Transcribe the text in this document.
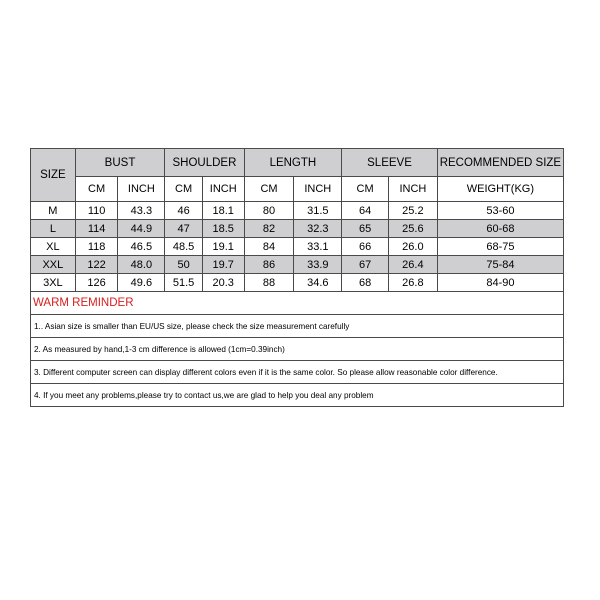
SIZE	BUST		SHOULDER		LENGTH		SLEEVE		RECOMMENDED SIZE
	CM	INCH	CM	INCH	CM	INCH	CM	INCH	WEIGHT(KG)
M	110	43.3	46	18.1	80	31.5	64	25.2	53-60
L	114	44.9	47	18.5	82	32.3	65	25.6	60-68
XL	118	46.5	48.5	19.1	84	33.1	66	26.0	68-75
XXL	122	48.0	50	19.7	86	33.9	67	26.4	75-84
3XL	126	49.6	51.5	20.3	88	34.6	68	26.8	84-90
WARM REMINDER									
1.. Asian size is smaller than EU/US size, please check the size measurement carefully									
2. As measured by hand,1-3 cm difference is allowed (1cm=0.39inch)									
3. Different computer screen can display different colors even if it is the same color. So please allow reasonable color difference.									
4. If you meet any problems,please try to contact us,we are glad to help you deal any problem									
